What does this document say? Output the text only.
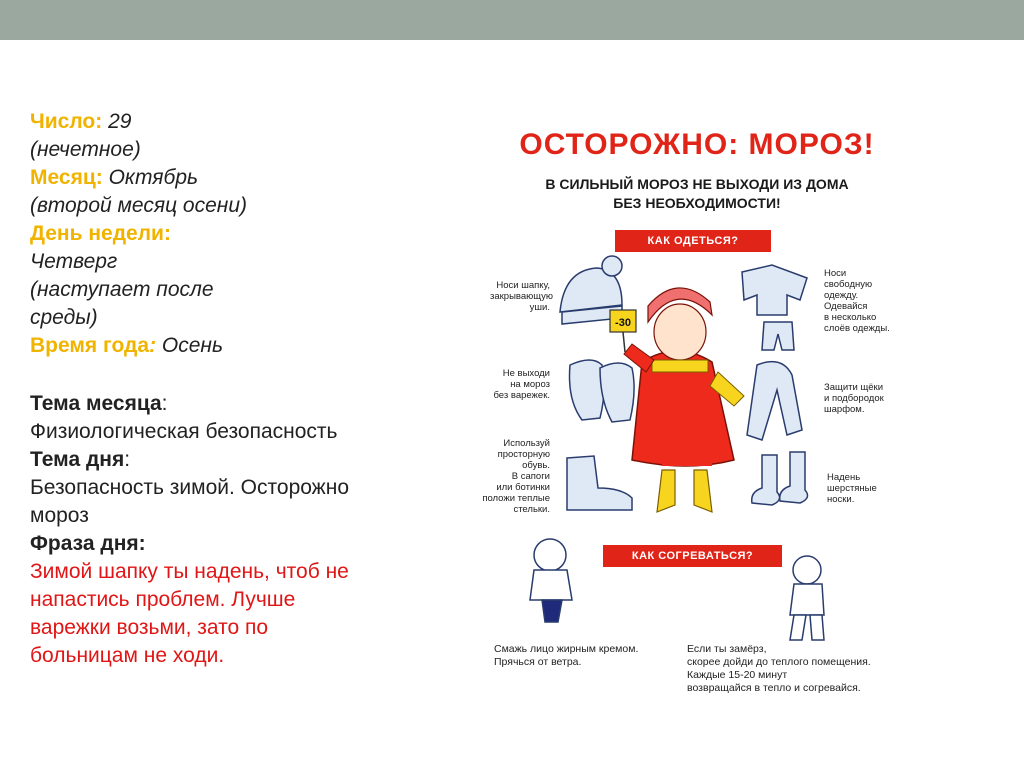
Число: 29
(нечетное)
Месяц: Октябрь
(второй месяц осени)
День недели:
Четверг
(наступает после
среды)
Время года: Осень
Тема месяца:
Физиологическая безопасность
Тема дня:
Безопасность зимой. Осторожно
мороз
Фраза дня:
Зимой шапку ты надень, чтоб не
напастись проблем. Лучше
варежки возьми, зато по
больницам не ходи.
ОСТОРОЖНО: МОРОЗ!
В СИЛЬНЫЙ МОРОЗ НЕ ВЫХОДИ ИЗ ДОМА
БЕЗ НЕОБХОДИМОСТИ!
КАК ОДЕТЬСЯ?
КАК СОГРЕВАТЬСЯ?
-30
Носи шапку,
закрывающую
уши.
Не выходи
на мороз
без варежек.
Используй
просторную
обувь.
В сапоги
или ботинки
положи теплые
стельки.
Носи
свободную
одежду.
Одевайся
в несколько
слоёв одежды.
Защити щёки
и подбородок
шарфом.
Надень
шерстяные
носки.
Смажь лицо жирным кремом.
Прячься от ветра.
Если ты замёрз,
скорее дойди до теплого помещения.
Каждые 15-20 минут
возвращайся в тепло и согревайся.
